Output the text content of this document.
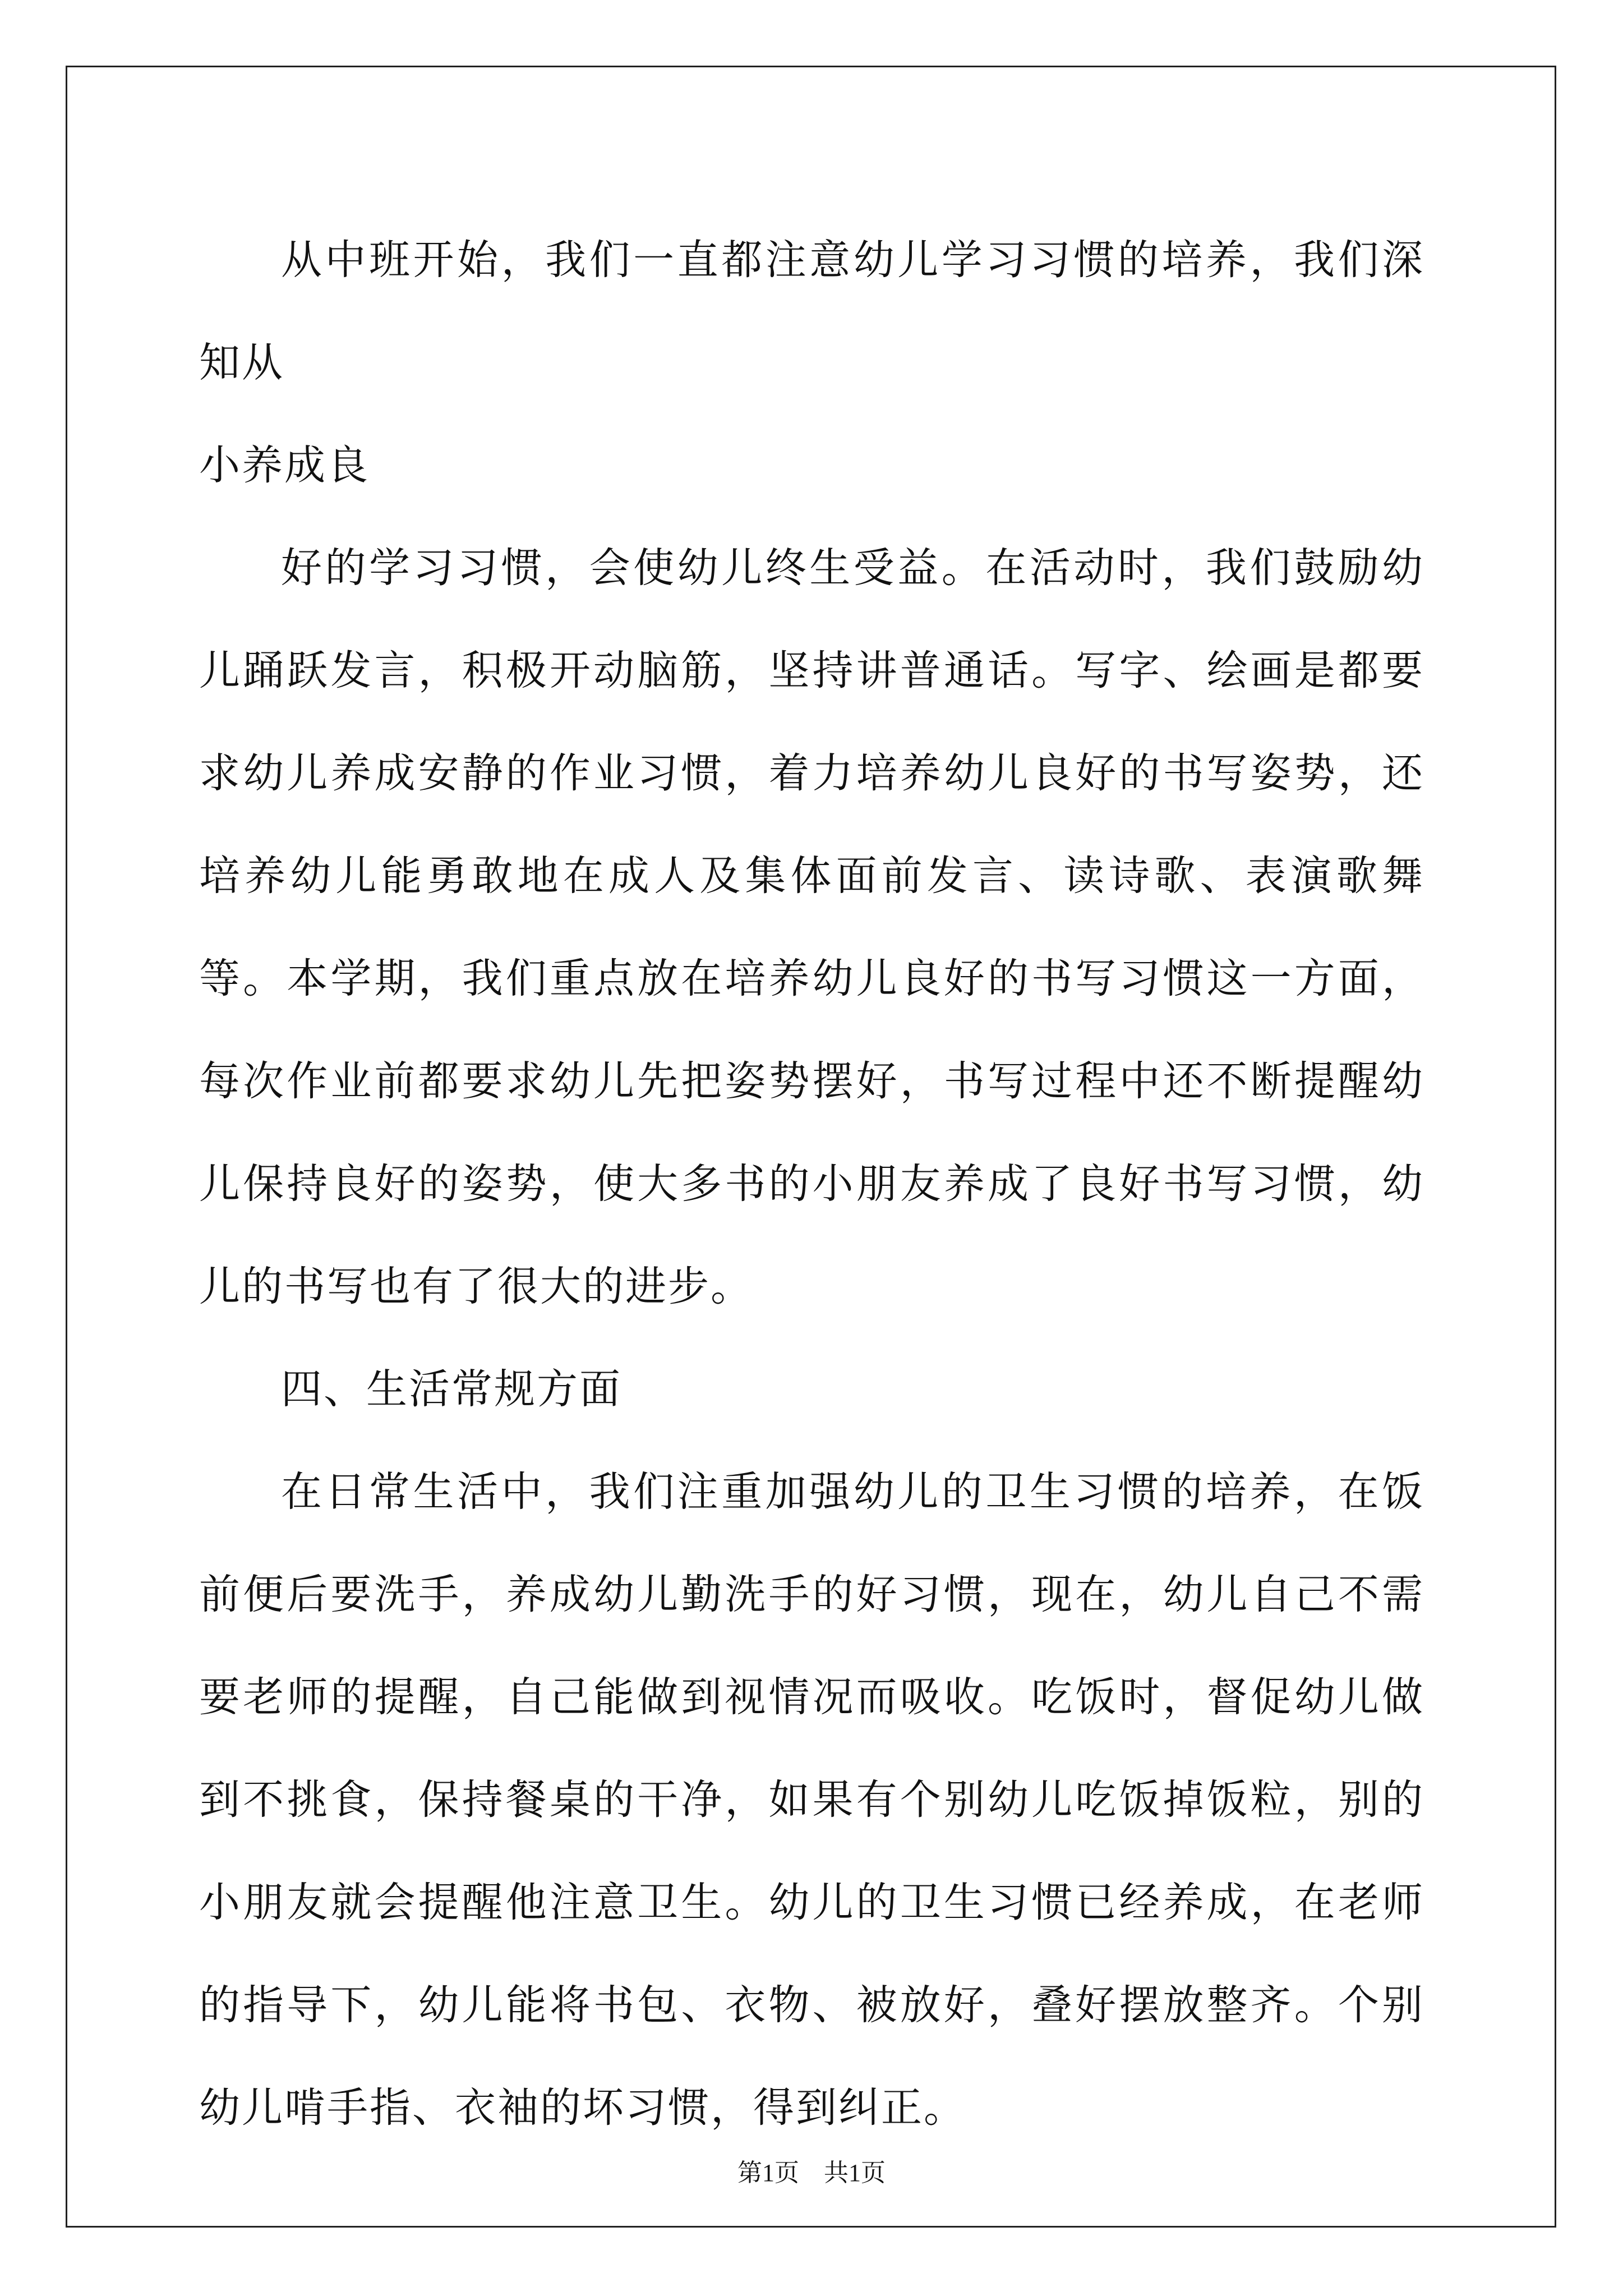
从中班开始，我们一直都注意幼儿学习习惯的培养，我们深知从

小养成良

好的学习习惯，会使幼儿终生受益。在活动时，我们鼓励幼儿踊跃发言，积极开动脑筋，坚持讲普通话。写字、绘画是都要求幼儿养成安静的作业习惯，着力培养幼儿良好的书写姿势，还培养幼儿能勇敢地在成人及集体面前发言、读诗歌、表演歌舞等。本学期，我们重点放在培养幼儿良好的书写习惯这一方面，每次作业前都要求幼儿先把姿势摆好，书写过程中还不断提醒幼儿保持良好的姿势，使大多书的小朋友养成了良好书写习惯，幼儿的书写也有了很大的进步。

四、生活常规方面

在日常生活中，我们注重加强幼儿的卫生习惯的培养，在饭前便后要洗手，养成幼儿勤洗手的好习惯，现在，幼儿自己不需要老师的提醒，自己能做到视情况而吸收。吃饭时，督促幼儿做到不挑食，保持餐桌的干净，如果有个别幼儿吃饭掉饭粒，别的小朋友就会提醒他注意卫生。幼儿的卫生习惯已经养成，在老师的指导下，幼儿能将书包、衣物、被放好，叠好摆放整齐。个别幼儿啃手指、衣袖的坏习惯，得到纠正。

第1页 共1页
